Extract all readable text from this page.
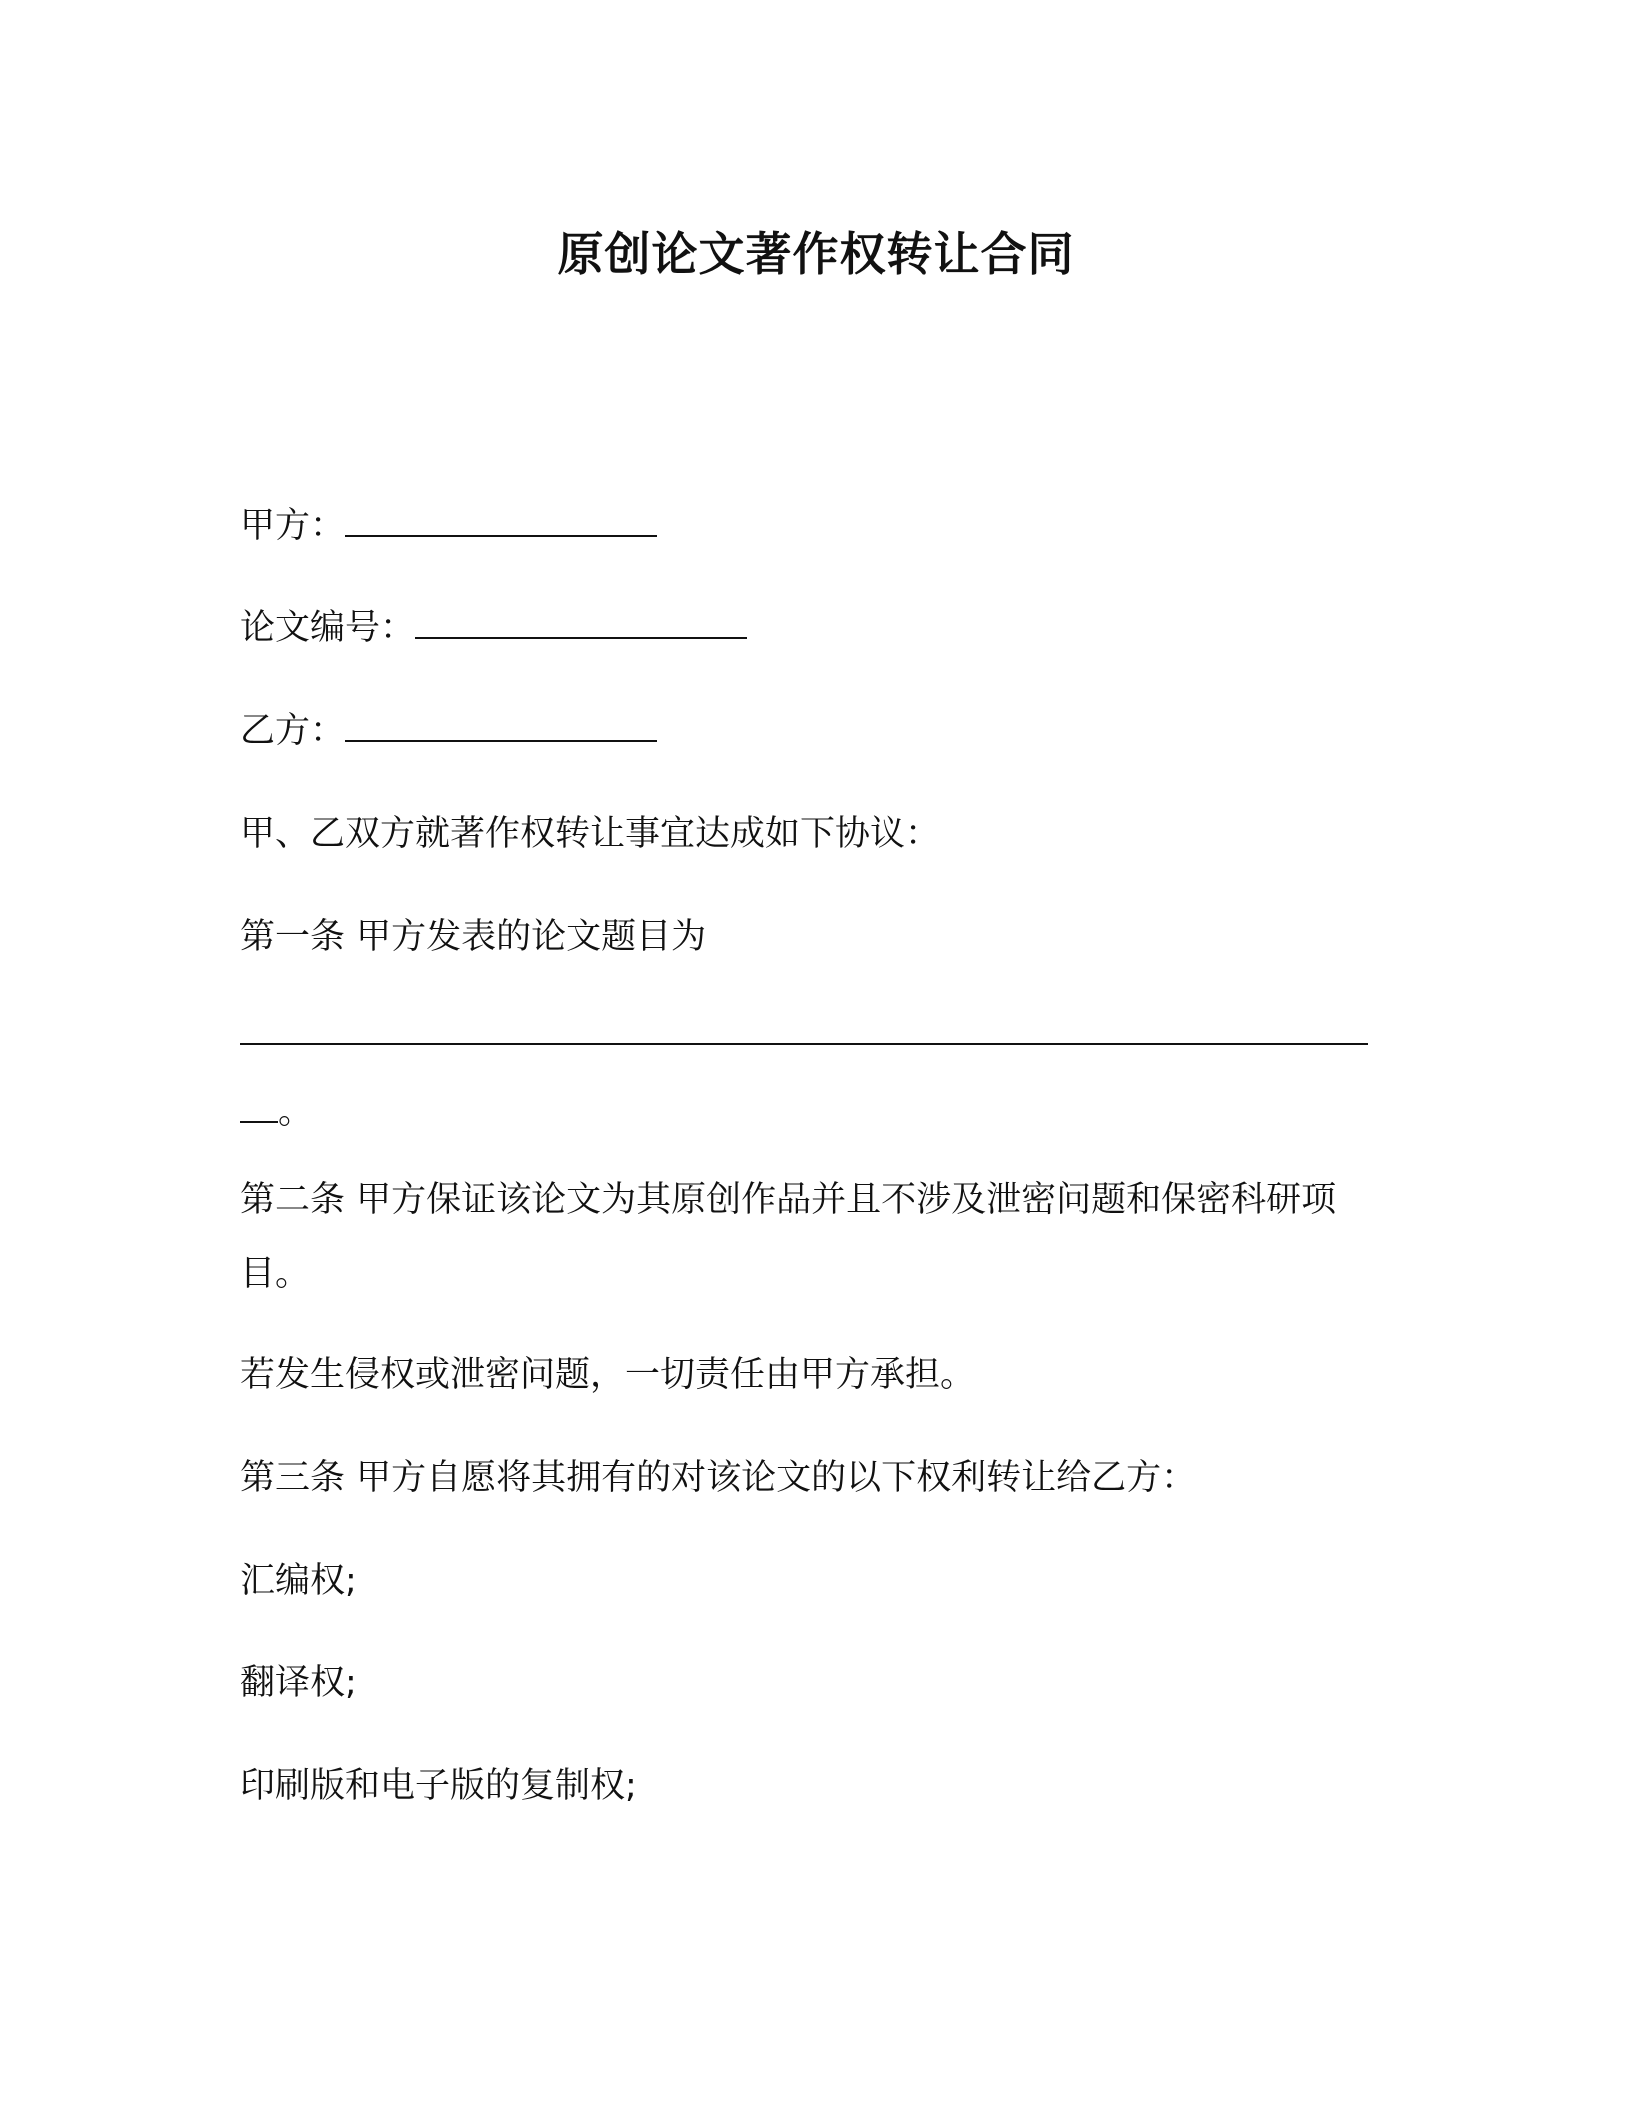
原创论文著作权转让合同
甲方：
论文编号：
乙方：
甲、乙双方就著作权转让事宜达成如下协议：
第一条 甲方发表的论文题目为
。
第二条 甲方保证该论文为其原创作品并且不涉及泄密问题和保密科研项目。
若发生侵权或泄密问题，一切责任由甲方承担。
第三条 甲方自愿将其拥有的对该论文的以下权利转让给乙方：
汇编权;
翻译权;
印刷版和电子版的复制权;
